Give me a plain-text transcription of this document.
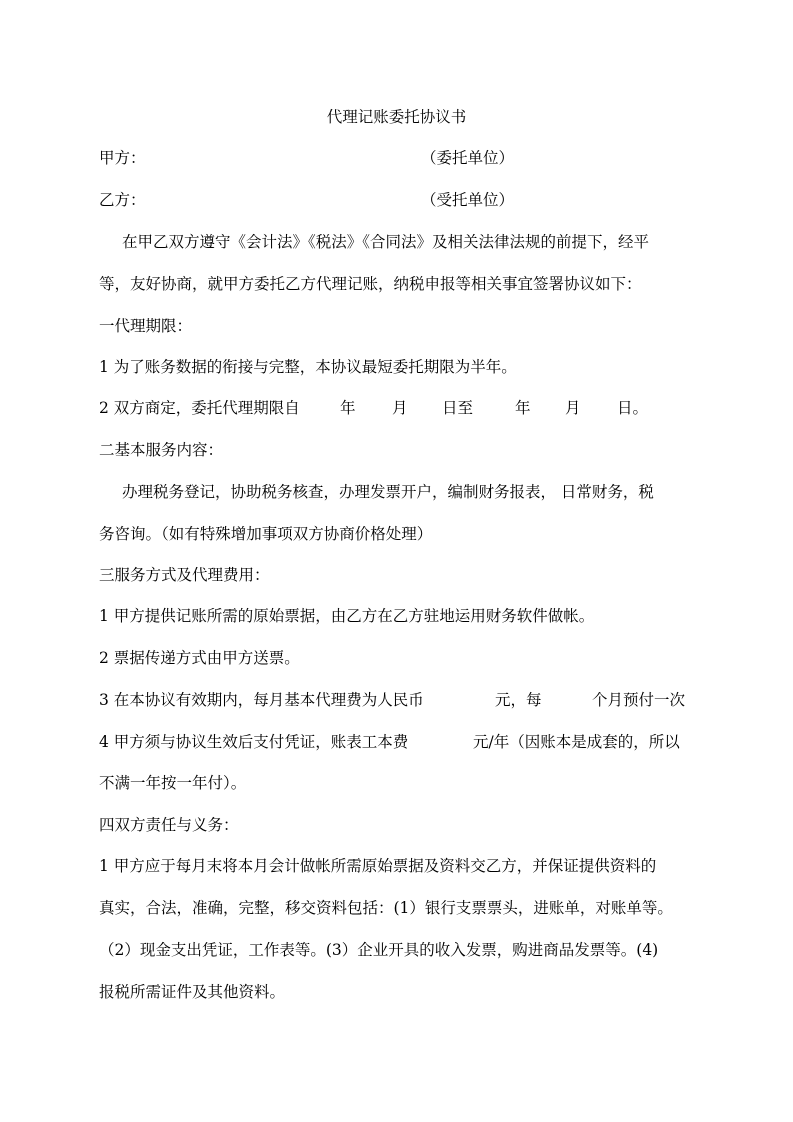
代理记账委托协议书
甲方：	（委托单位）
乙方：	（受托单位）
在甲乙双方遵守《会计法》《税法》《合同法》及相关法律法规的前提下，经平
等，友好协商，就甲方委托乙方代理记账，纳税申报等相关事宜签署协议如下：
一代理期限：
1 为了账务数据的衔接与完整，本协议最短委托期限为半年。
2 双方商定，委托代理期限自	年 月 日至	年 月 日。
二基本服务内容：
办理税务登记，协助税务核查，办理发票开户，编制财务报表， 日常财务，税
务咨询。（如有特殊增加事项双方协商价格处理）
三服务方式及代理费用：
1 甲方提供记账所需的原始票据，由乙方在乙方驻地运用财务软件做帐。
2 票据传递方式由甲方送票。
3 在本协议有效期内，每月基本代理费为人民币	元，每	个月预付一次
4 甲方须与协议生效后支付凭证，账表工本费	元/年（因账本是成套的，所以
不满一年按一年付）。
四双方责任与义务：
1 甲方应于每月末将本月会计做帐所需原始票据及资料交乙方，并保证提供资料的
真实，合法，准确，完整，移交资料包括：(1）银行支票票头，进账单，对账单等。
（2）现金支出凭证，工作表等。(3）企业开具的收入发票，购进商品发票等。(4)
报税所需证件及其他资料。
